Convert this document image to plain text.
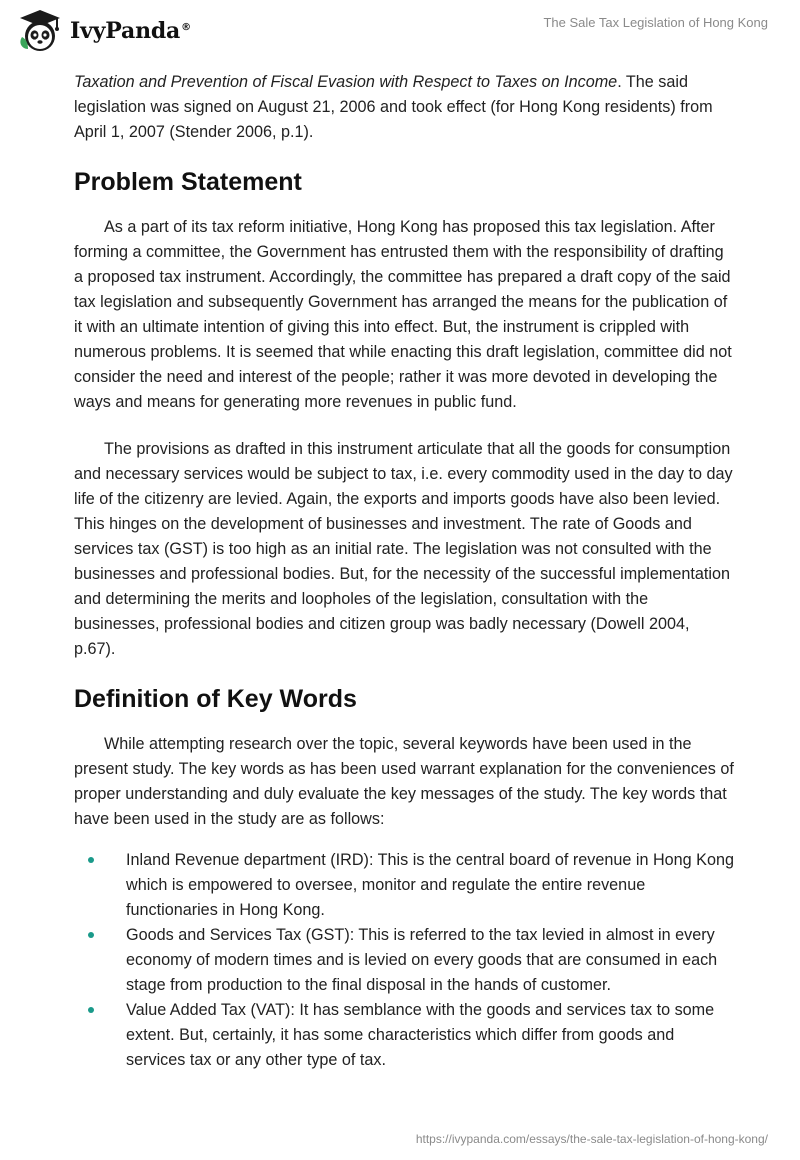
IvyPanda®	The Sale Tax Legislation of Hong Kong

Taxation and Prevention of Fiscal Evasion with Respect to Taxes on Income. The said legislation was signed on August 21, 2006 and took effect (for Hong Kong residents) from April 1, 2007 (Stender 2006, p.1).

Problem Statement

As a part of its tax reform initiative, Hong Kong has proposed this tax legislation. After forming a committee, the Government has entrusted them with the responsibility of drafting a proposed tax instrument. Accordingly, the committee has prepared a draft copy of the said tax legislation and subsequently Government has arranged the means for the publication of it with an ultimate intention of giving this into effect. But, the instrument is crippled with numerous problems. It is seemed that while enacting this draft legislation, committee did not consider the need and interest of the people; rather it was more devoted in developing the ways and means for generating more revenues in public fund.

The provisions as drafted in this instrument articulate that all the goods for consumption and necessary services would be subject to tax, i.e. every commodity used in the day to day life of the citizenry are levied. Again, the exports and imports goods have also been levied. This hinges on the development of businesses and investment. The rate of Goods and services tax (GST) is too high as an initial rate. The legislation was not consulted with the businesses and professional bodies. But, for the necessity of the successful implementation and determining the merits and loopholes of the legislation, consultation with the businesses, professional bodies and citizen group was badly necessary (Dowell 2004, p.67).

Definition of Key Words

While attempting research over the topic, several keywords have been used in the present study. The key words as has been used warrant explanation for the conveniences of proper understanding and duly evaluate the key messages of the study. The key words that have been used in the study are as follows:

Inland Revenue department (IRD): This is the central board of revenue in Hong Kong which is empowered to oversee, monitor and regulate the entire revenue functionaries in Hong Kong.
Goods and Services Tax (GST): This is referred to the tax levied in almost in every economy of modern times and is levied on every goods that are consumed in each stage from production to the final disposal in the hands of customer.
Value Added Tax (VAT): It has semblance with the goods and services tax to some extent. But, certainly, it has some characteristics which differ from goods and services tax or any other type of tax.
https://ivypanda.com/essays/the-sale-tax-legislation-of-hong-kong/
